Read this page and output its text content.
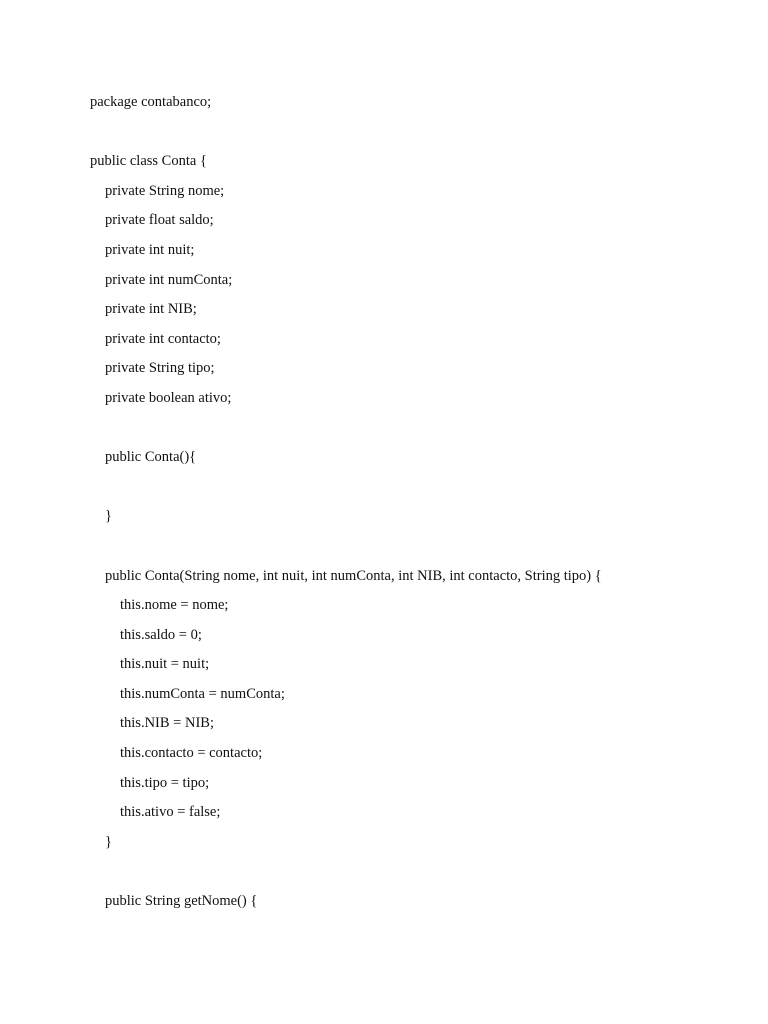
package contabanco;
public class Conta {
private String nome;
private float saldo;
private int nuit;
private int numConta;
private int NIB;
private int contacto;
private String tipo;
private boolean ativo;
public Conta(){
}
public Conta(String nome, int nuit, int numConta, int NIB, int contacto, String tipo) {
this.nome = nome;
this.saldo = 0;
this.nuit = nuit;
this.numConta = numConta;
this.NIB = NIB;
this.contacto = contacto;
this.tipo = tipo;
this.ativo = false;
}
public String getNome() {
